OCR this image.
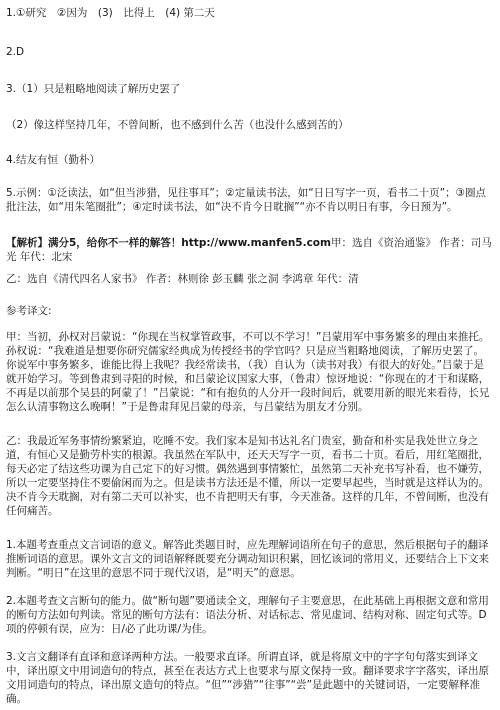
1.①研究　②因为　(3)　比得上　(4) 第二天

2.D

3.（1）只是粗略地阅读了解历史罢了

（2）像这样坚持几年，不曾间断，也不感到什么苦（也没什么感到苦的）

4.结友有恒（勤朴）

5.示例：①泛读法，如“但当涉猎，见往事耳”；②定量读书法，如“日日写字一页，看书二十页”；③圈点批注法，如“用朱笔圈批”；④定时读书法，如“决不肯今日耽搁”“亦不肯以明日有事，今日预为”。

【解析】满分5，给你不一样的解答！http://www.manfen5.com甲：选自《资治通鉴》 作者：司马光 年代：北宋

乙：选自《清代四名人家书》 作者：林则徐 彭玉麟 张之洞 李鸿章 年代：清

参考译文:

甲：当初，孙权对吕蒙说：“你现在当权掌管政事，不可以不学习！”吕蒙用军中事务繁多的理由来推托。孙权说：“我难道是想要你研究儒家经典成为传授经书的学官吗？只是应当粗略地阅读，了解历史罢了。你说军中事务繁多，谁能比得上我呢？我经常读书，（我）自认为（读书对我）有很大的好处。”吕蒙于是就开始学习。等到鲁肃到寻阳的时候，和吕蒙论议国家大事，（鲁肃）惊讶地说：“你现在的才干和谋略，不再是以前那个吴县的阿蒙了！”吕蒙说：“和有抱负的人分开一段时间后，就要用新的眼光来看待，长兄怎么认清事物这么晚啊！”于是鲁肃拜见吕蒙的母亲，与吕蒙结为朋友才分别。

乙：我最近军务事情纷繁紧迫，吃睡不安。我们家本是知书达礼名门贵室，勤奋和朴实是我处世立身之道，有恒心又是勤劳朴实的根源。我虽然在军队中，还天天写字一页，看书二十页。看后，用红笔圈批，每天必定了结这些功课为自己定下的好习惯。偶然遇到事情繁忙，虽然第二天补充书写补看，也不嫌劳，所以一定要坚持住不要偷闲而为之。但是读书方法还是不懂，所以一定要早起些，当时就是这样认为的。决不肯今天耽搁，对有第二天可以补实，也不肯把明天有事，今天准备。这样的几年，不曾间断，也没有任何痛苦。

1.本题考查重点文言词语的意义。解答此类题目时，应先理解词语所在句子的意思，然后根据句子的翻译推断词语的意思。课外文言文的词语解释既要充分调动知识积累，回忆该词的常用义，还要结合上下文来判断。“明日”在这里的意思不同于现代汉语，是“明天”的意思。

2.本题考查文言断句的能力。做“断句题”要通读全文，理解句子主要意思，在此基础上再根据文意和常用的断句方法如句判读。常见的断句方法有：语法分析、对话标志、常见虚词、结构对称、固定句式等。D项的停顿有误，应为：日/必了此功课/为佳。

3.文言文翻译有直译和意译两种方法。一般要求直译。所谓直译，就是将原文中的字字句句落实到译文中，译出原文中用词造句的特点，甚至在表达方式上也要求与原文保持一致。翻译要求字字落实，译出原文用词造句的特点，译出原文造句的特点。“但”“涉猎”“往事”“尝”是此题中的关键词语，一定要解释准确。
